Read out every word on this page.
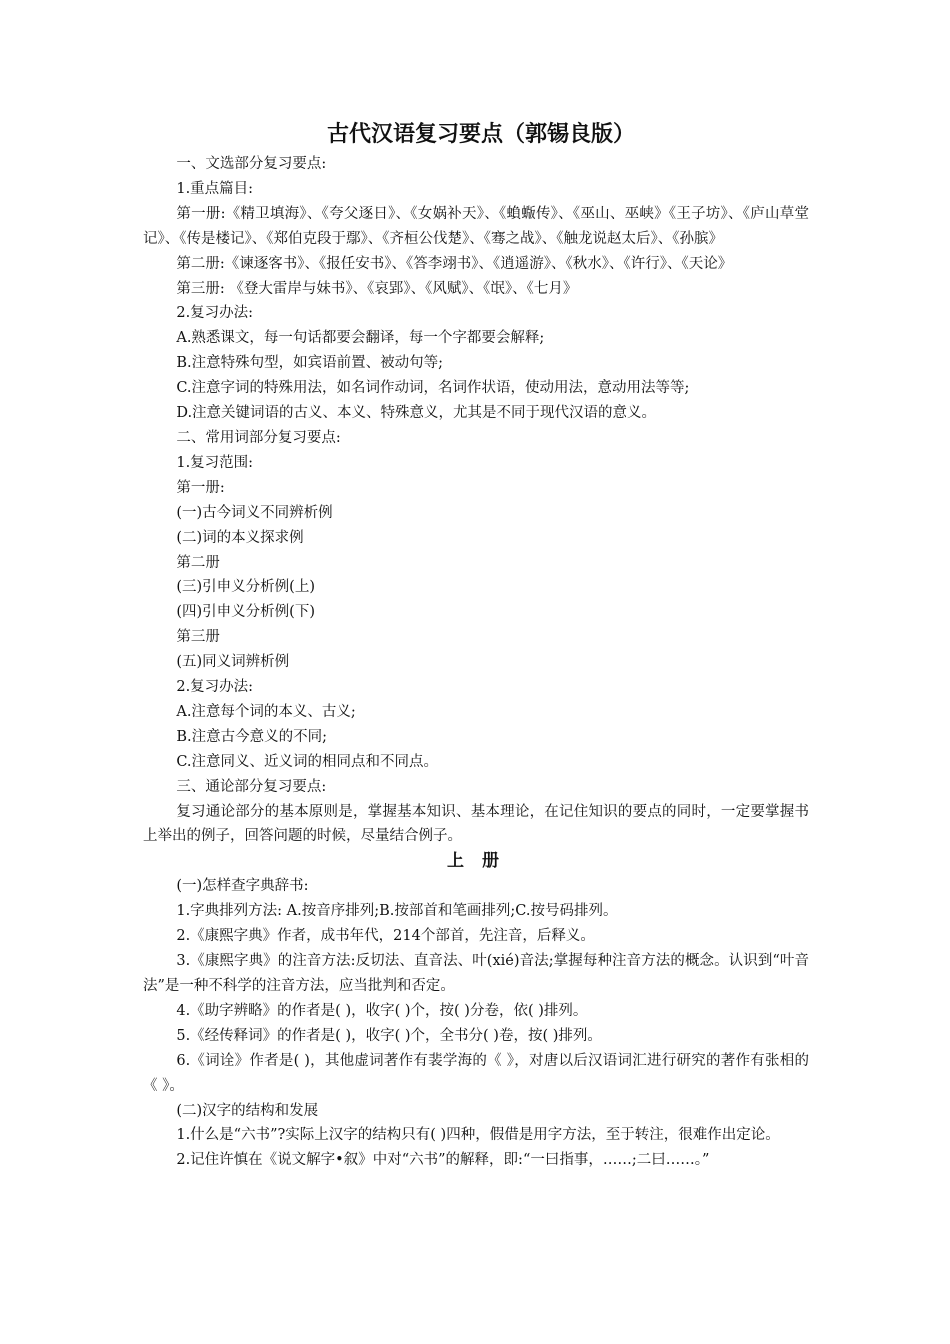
古代汉语复习要点（郭锡良版）

一、文选部分复习要点:

1.重点篇目:

第一册:《精卫填海》、《夸父逐日》、《女娲补天》、《蝜蝂传》、《巫山、巫峡》《王子坊》、《庐山草堂记》、《传是楼记》、《郑伯克段于鄢》、《齐桓公伐楚》、《骞之战》、《触龙说赵太后》、《孙膑》

第二册:《谏逐客书》、《报任安书》、《答李翊书》、《逍遥游》、《秋水》、《许行》、《天论》

第三册: 《登大雷岸与妹书》、《哀郢》、《风赋》、《氓》、《七月》

2.复习办法:

A.熟悉课文，每一句话都要会翻译，每一个字都要会解释;

B.注意特殊句型，如宾语前置、被动句等;

C.注意字词的特殊用法，如名词作动词，名词作状语，使动用法，意动用法等等;

D.注意关键词语的古义、本义、特殊意义，尤其是不同于现代汉语的意义。

二、常用词部分复习要点:

1.复习范围:

第一册:

(一)古今词义不同辨析例

(二)词的本义探求例

第二册

(三)引申义分析例(上)

(四)引申义分析例(下)

第三册

(五)同义词辨析例

2.复习办法:

A.注意每个词的本义、古义;

B.注意古今意义的不同;

C.注意同义、近义词的相同点和不同点。

三、通论部分复习要点:

复习通论部分的基本原则是，掌握基本知识、基本理论，在记住知识的要点的同时，一定要掌握书上举出的例子，回答问题的时候，尽量结合例子。

上 册

(一)怎样查字典辞书:

1.字典排列方法: A.按音序排列;B.按部首和笔画排列;C.按号码排列。

2.《康熙字典》作者，成书年代，214个部首，先注音，后释义。

3.《康熙字典》的注音方法:反切法、直音法、叶(xié)音法;掌握每种注音方法的概念。认识到“叶音法”是一种不科学的注音方法，应当批判和否定。

4.《助字辨略》的作者是( )，收字( )个，按( )分卷，依( )排列。

5.《经传释词》的作者是( )，收字( )个，全书分( )卷，按( )排列。

6.《词诠》作者是( )，其他虚词著作有裴学海的《 》，对唐以后汉语词汇进行研究的著作有张相的《 》。

(二)汉字的结构和发展

1.什么是“六书”?实际上汉字的结构只有( )四种，假借是用字方法，至于转注，很难作出定论。

2.记住许慎在《说文解字•叙》中对“六书”的解释，即:“一曰指事，……;二曰……。”
